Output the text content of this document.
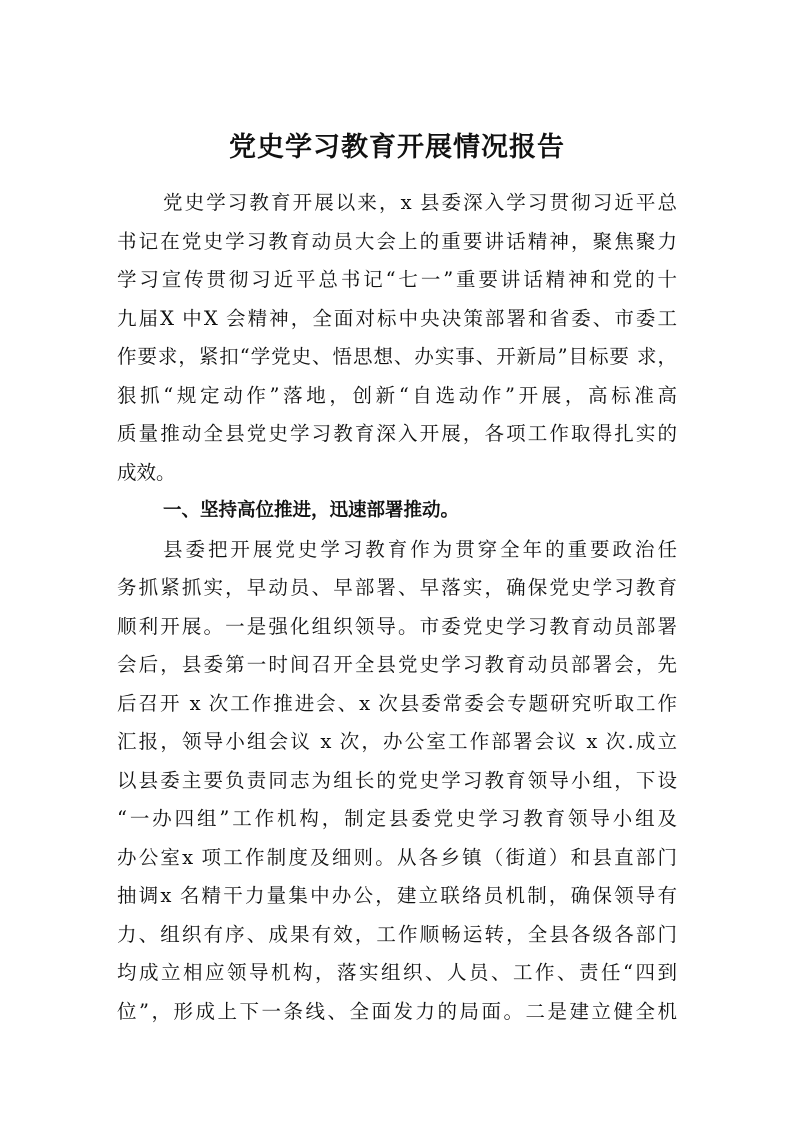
党史学习教育开展情况报告
党史学习教育开展以来，x 县委深入学习贯彻习近平总
书记在党史学习教育动员大会上的重要讲话精神，聚焦聚力
学习宣传贯彻习近平总书记“七一”重要讲话精神和党的十
九届X 中X 会精神，全面对标中央决策部署和省委、市委工
作要求，紧扣“学党史、悟思想、办实事、开新局”目标要 求，
狠抓“规定动作”落地，创新“自选动作”开展，高标准高
质量推动全县党史学习教育深入开展，各项工作取得扎实的
成效。
一、坚持高位推进，迅速部署推动。
县委把开展党史学习教育作为贯穿全年的重要政治任
务抓紧抓实，早动员、早部署、早落实，确保党史学习教育
顺利开展。一是强化组织领导。市委党史学习教育动员部署
会后，县委第一时间召开全县党史学习教育动员部署会，先
后召开 x 次工作推进会、x 次县委常委会专题研究听取工作
汇报，领导小组会议 x 次，办公室工作部署会议 x 次.成立
以县委主要负责同志为组长的党史学习教育领导小组，下设
“一办四组”工作机构，制定县委党史学习教育领导小组及
办公室x 项工作制度及细则。从各乡镇（街道）和县直部门
抽调x 名精干力量集中办公，建立联络员机制，确保领导有
力、组织有序、成果有效，工作顺畅运转，全县各级各部门
均成立相应领导机构，落实组织、人员、工作、责任“四到
位”，形成上下一条线、全面发力的局面。二是建立健全机
